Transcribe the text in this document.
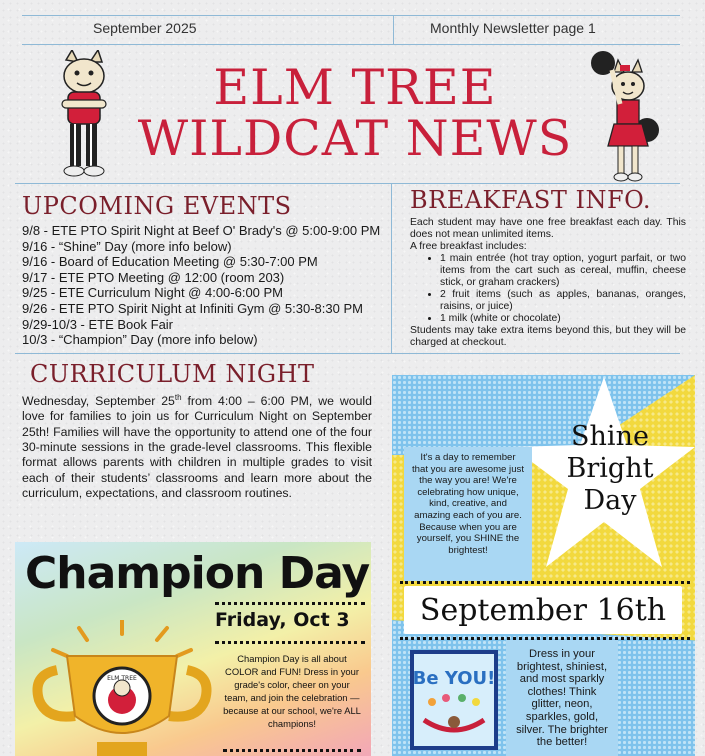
September 2025	Monthly Newsletter page 1
ELM TREE
WILDCAT NEWS
UPCOMING EVENTS
9/8 - ETE PTO Spirit Night at Beef O' Brady's @ 5:00-9:00 PM
9/16 - “Shine” Day (more info below)
9/16 - Board of Education Meeting @ 5:30-7:00 PM
9/17 - ETE PTO Meeting @ 12:00 (room 203)
9/25 - ETE Curriculum Night @ 4:00-6:00 PM
9/26 - ETE PTO Spirit Night at Infiniti Gym @ 5:30-8:30 PM
9/29-10/3 - ETE Book Fair
10/3 - “Champion” Day (more info below)
BREAKFAST INFO.

Each student may have one free breakfast each day. This does not mean unlimited items.

A free breakfast includes:

• 1 main entrée (hot tray option, yogurt parfait, or two items from the cart such as cereal, muffin, cheese stick, or graham crackers)
• 2 fruit items (such as apples, bananas, oranges, raisins, or juice)
• 1 milk (white or chocolate)

Students may take extra items beyond this, but they will be charged at checkout.

CURRICULUM NIGHT
Wednesday, September 25th from 4:00 – 6:00 PM, we would love for families to join us for Curriculum Night on September 25th! Families will have the opportunity to attend one of the four 30-minute sessions in the grade-level classrooms. This flexible format allows parents with children in multiple grades to visit each of their students’ classrooms and learn more about the curriculum, expectations, and classroom routines.
Champion Day
Friday, Oct 3
ELM TREE
Champion Day is all about COLOR and FUN! Dress in your grade's color, cheer on your team, and join the celebration — because at our school, we're ALL champions!
Shine
Bright
Day
It's a day to remember that you are awesome just the way you are! We're celebrating how unique, kind, creative, and amazing each of you are. Because when you are yourself, you SHINE the brightest!
September 16th
Be YOU!
Dress in your brightest, shiniest, and most sparkly clothes! Think glitter, neon, sparkles, gold, silver. The brighter the better!
